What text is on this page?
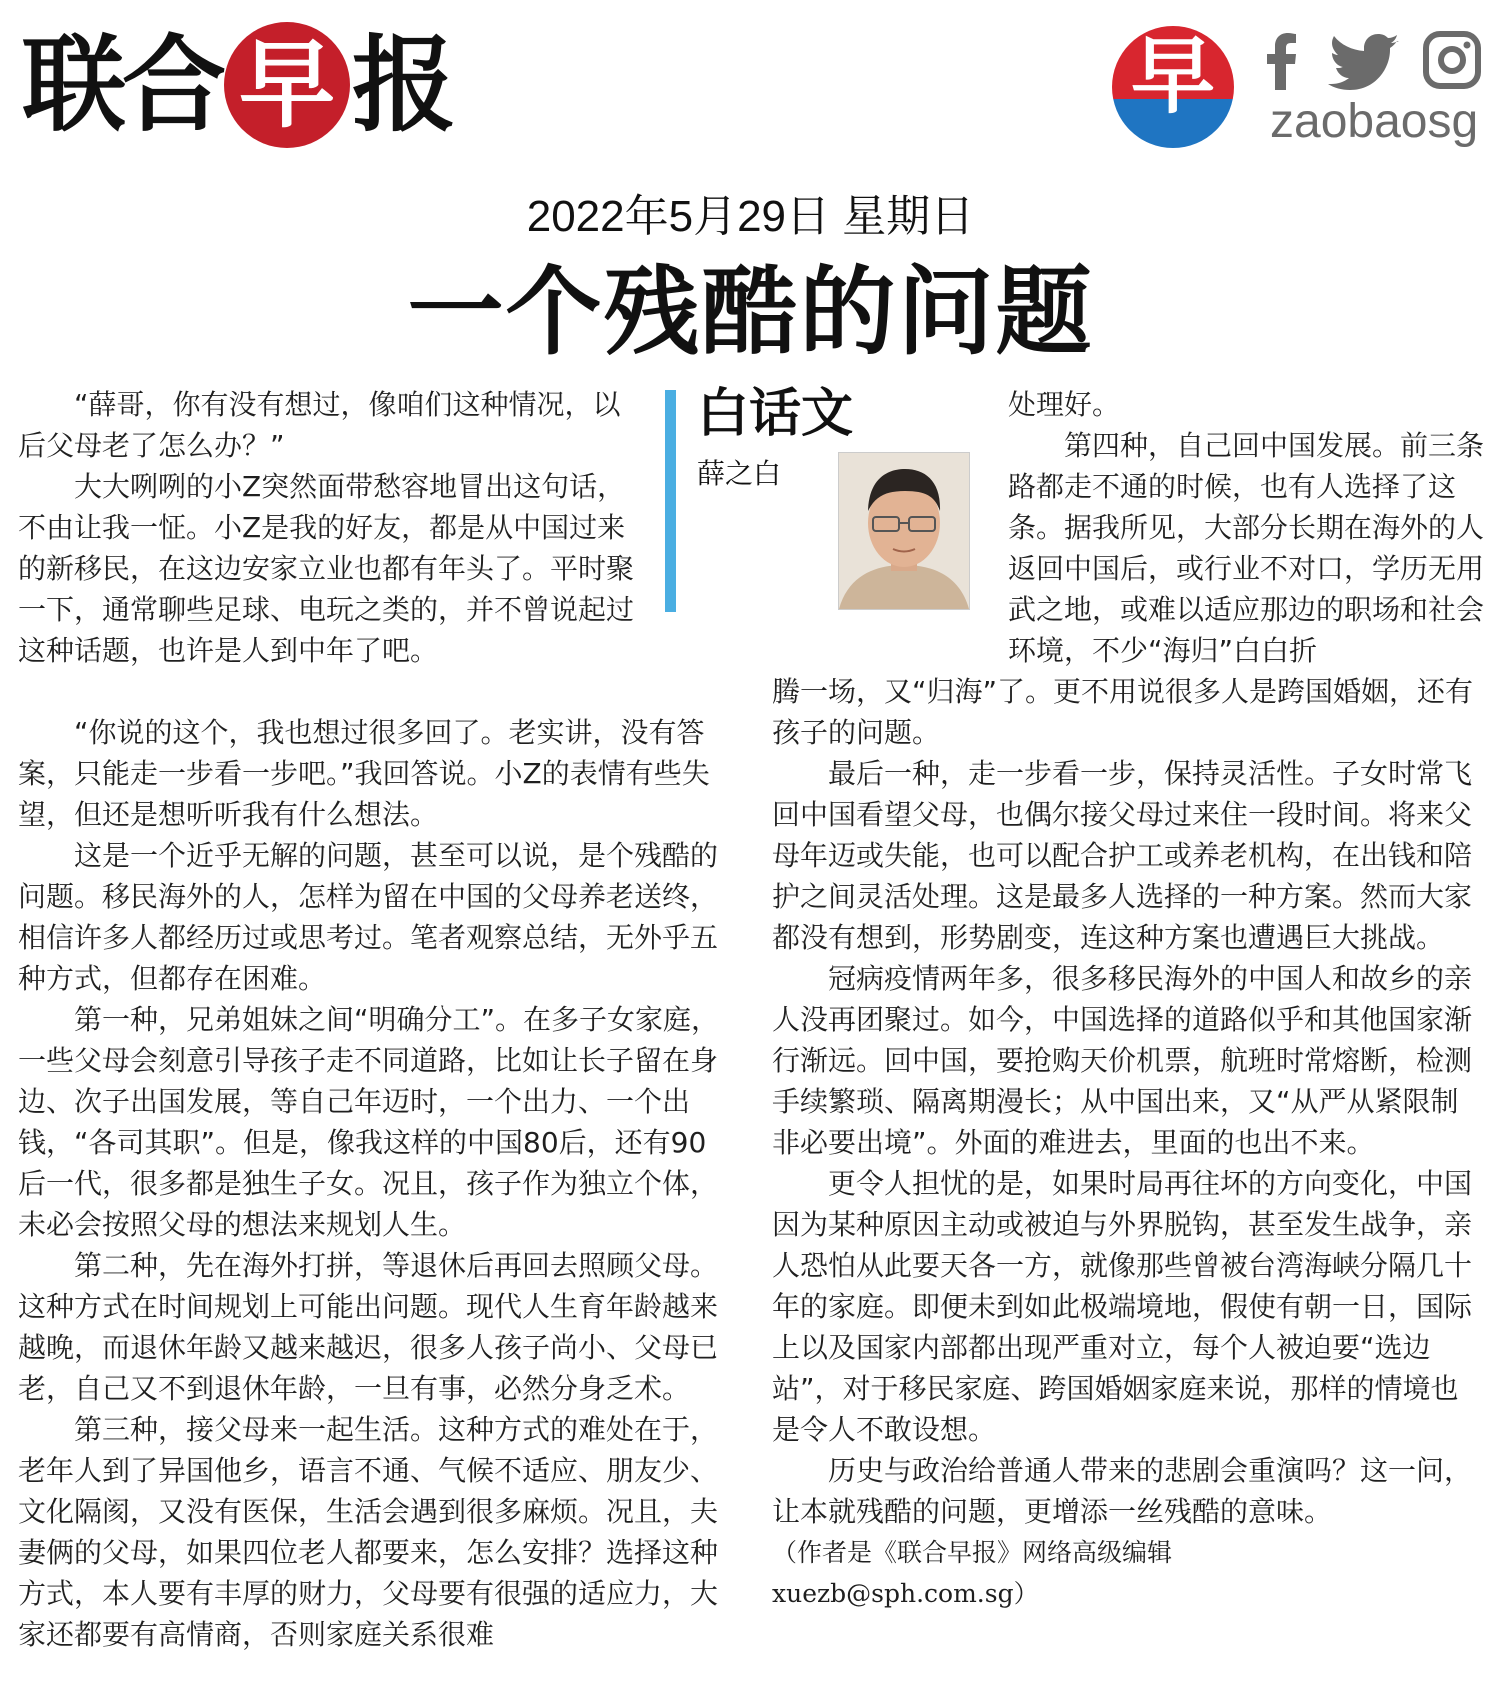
联 合 早 报	早	zaobaosg
2022年5月29日 星期日
一个残酷的问题
白话文
薛之白

“薛哥，你有没有想过，像咱们这种情况，以后父母老了怎么办？”

大大咧咧的小Z突然面带愁容地冒出这句话，不由让我一怔。小Z是我的好友，都是从中国过来的新移民，在这边安家立业也都有年头了。平时聚一下，通常聊些足球、电玩之类的，并不曾说起过这种话题，也许是人到中年了吧。

“你说的这个，我也想过很多回了。老实讲，没有答案，只能走一步看一步吧。”我回答说。小Z的表情有些失望，但还是想听听我有什么想法。

这是一个近乎无解的问题，甚至可以说，是个残酷的问题。移民海外的人，怎样为留在中国的父母养老送终，相信许多人都经历过或思考过。笔者观察总结，无外乎五种方式，但都存在困难。

第一种，兄弟姐妹之间“明确分工”。在多子女家庭，一些父母会刻意引导孩子走不同道路，比如让长子留在身边、次子出国发展，等自己年迈时，一个出力、一个出钱，“各司其职”。但是，像我这样的中国80后，还有90后一代，很多都是独生子女。况且，孩子作为独立个体，未必会按照父母的想法来规划人生。

第二种，先在海外打拼，等退休后再回去照顾父母。这种方式在时间规划上可能出问题。现代人生育年龄越来越晚，而退休年龄又越来越迟，很多人孩子尚小、父母已老，自己又不到退休年龄，一旦有事，必然分身乏术。

第三种，接父母来一起生活。这种方式的难处在于，老年人到了异国他乡，语言不通、气候不适应、朋友少、文化隔阂，又没有医保，生活会遇到很多麻烦。况且，夫妻俩的父母，如果四位老人都要来，怎么安排？选择这种方式，本人要有丰厚的财力，父母要有很强的适应力，大家还都要有高情商，否则家庭关系很难

处理好。

第四种，自己回中国发展。前三条路都走不通的时候，也有人选择了这条。据我所见，大部分长期在海外的人返回中国后，或行业不对口，学历无用武之地，或难以适应那边的职场和社会环境，不少“海归”白白折

腾一场，又“归海”了。更不用说很多人是跨国婚姻，还有孩子的问题。

最后一种，走一步看一步，保持灵活性。子女时常飞回中国看望父母，也偶尔接父母过来住一段时间。将来父母年迈或失能，也可以配合护工或养老机构，在出钱和陪护之间灵活处理。这是最多人选择的一种方案。然而大家都没有想到，形势剧变，连这种方案也遭遇巨大挑战。

冠病疫情两年多，很多移民海外的中国人和故乡的亲人没再团聚过。如今，中国选择的道路似乎和其他国家渐行渐远。回中国，要抢购天价机票，航班时常熔断，检测手续繁琐、隔离期漫长；从中国出来，又“从严从紧限制非必要出境”。外面的难进去，里面的也出不来。

更令人担忧的是，如果时局再往坏的方向变化，中国因为某种原因主动或被迫与外界脱钩，甚至发生战争，亲人恐怕从此要天各一方，就像那些曾被台湾海峡分隔几十年的家庭。即便未到如此极端境地，假使有朝一日，国际上以及国家内部都出现严重对立，每个人被迫要“选边站”，对于移民家庭、跨国婚姻家庭来说，那样的情境也是令人不敢设想。

历史与政治给普通人带来的悲剧会重演吗？这一问，让本就残酷的问题，更增添一丝残酷的意味。

（作者是《联合早报》网络高级编辑

xuezb@sph.com.sg）
